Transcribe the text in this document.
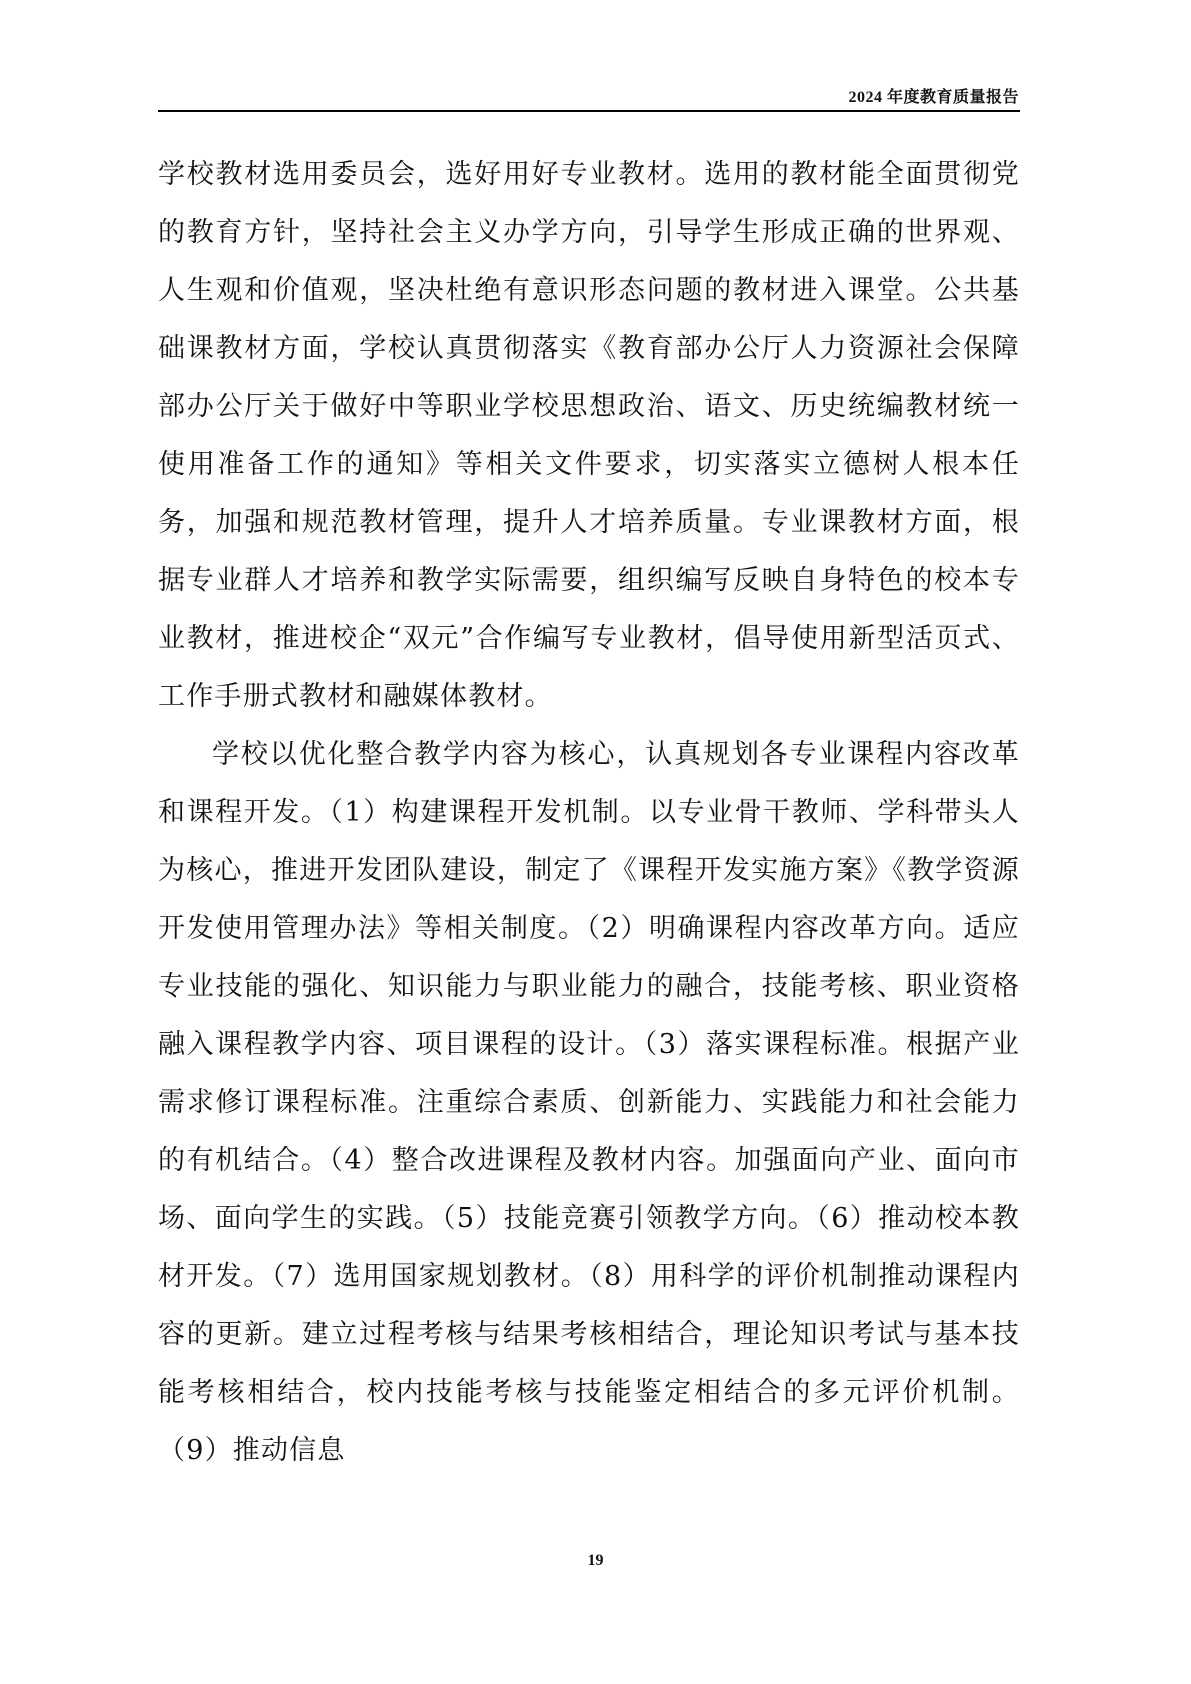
2024 年度教育质量报告

学校教材选用委员会，选好用好专业教材。选用的教材能全面贯彻党的教育方针，坚持社会主义办学方向，引导学生形成正确的世界观、人生观和价值观，坚决杜绝有意识形态问题的教材进入课堂。公共基础课教材方面，学校认真贯彻落实《教育部办公厅人力资源社会保障部办公厅关于做好中等职业学校思想政治、语文、历史统编教材统一使用准备工作的通知》等相关文件要求，切实落实立德树人根本任务，加强和规范教材管理，提升人才培养质量。专业课教材方面，根据专业群人才培养和教学实际需要，组织编写反映自身特色的校本专业教材，推进校企“双元”合作编写专业教材，倡导使用新型活页式、工作手册式教材和融媒体教材。

学校以优化整合教学内容为核心，认真规划各专业课程内容改革和课程开发。（1）构建课程开发机制。以专业骨干教师、学科带头人为核心，推进开发团队建设，制定了《课程开发实施方案》《教学资源开发使用管理办法》等相关制度。（2）明确课程内容改革方向。适应专业技能的强化、知识能力与职业能力的融合，技能考核、职业资格融入课程教学内容、项目课程的设计。（3）落实课程标准。根据产业需求修订课程标准。注重综合素质、创新能力、实践能力和社会能力的有机结合。（4）整合改进课程及教材内容。加强面向产业、面向市场、面向学生的实践。（5）技能竞赛引领教学方向。（6）推动校本教材开发。（7）选用国家规划教材。（8）用科学的评价机制推动课程内容的更新。建立过程考核与结果考核相结合，理论知识考试与基本技能考核相结合，校内技能考核与技能鉴定相结合的多元评价机制。（9）推动信息

19
